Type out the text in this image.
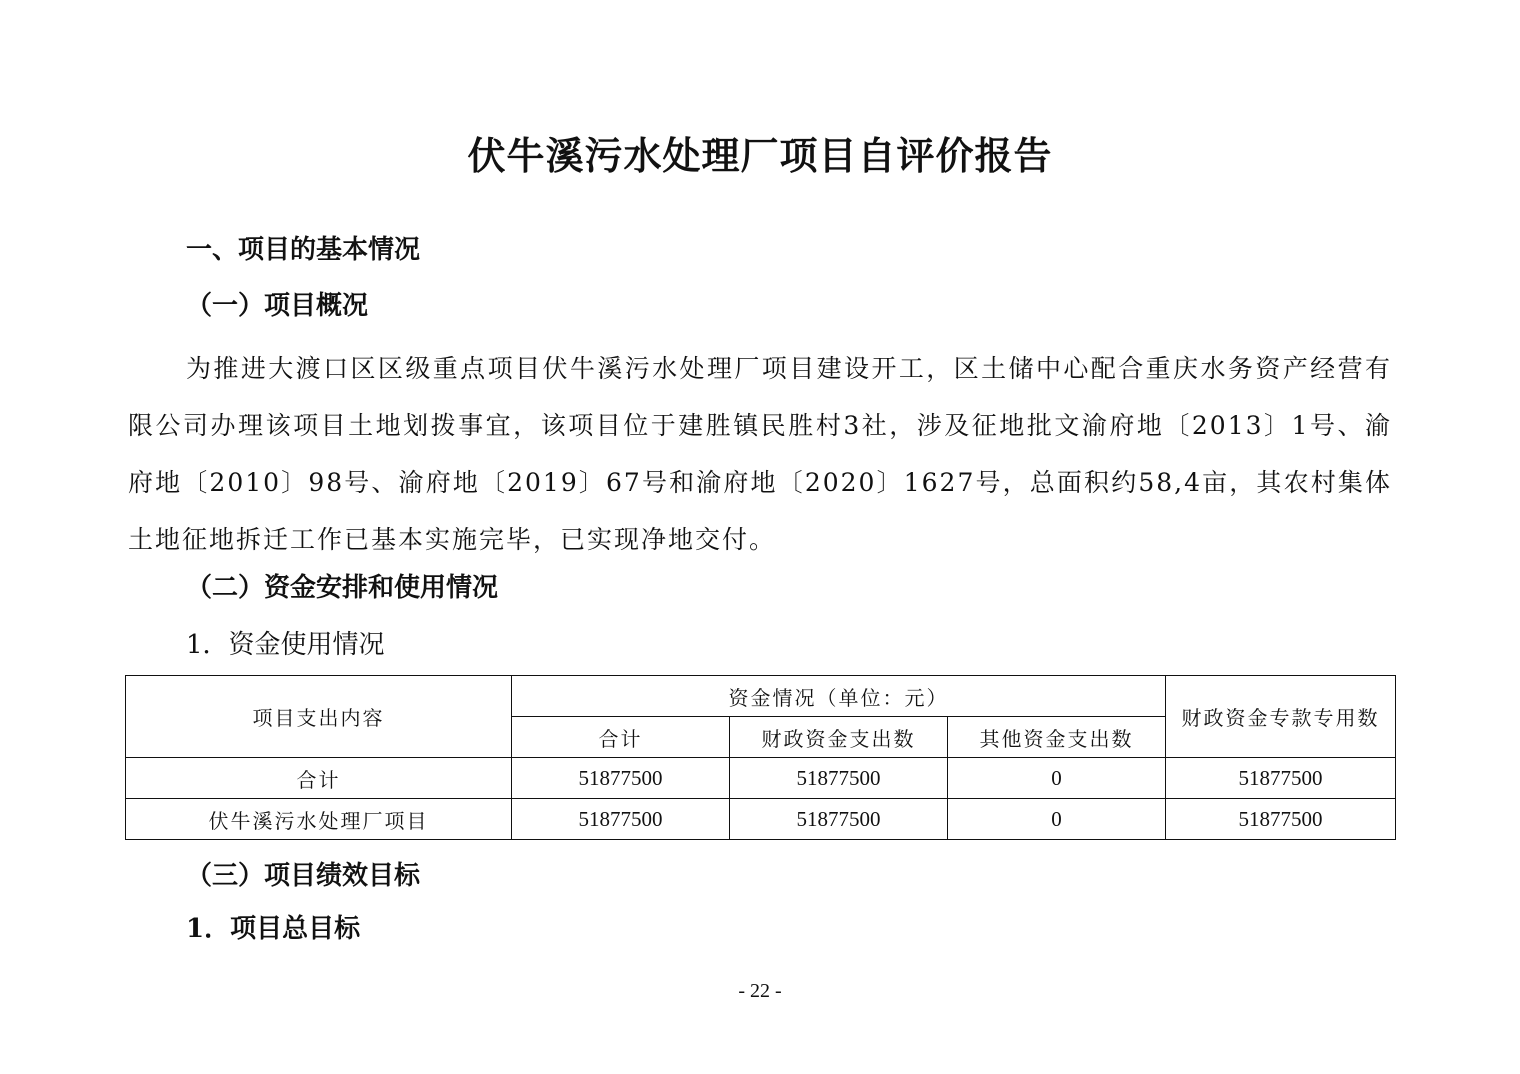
伏牛溪污水处理厂项目自评价报告
一、项目的基本情况
（一）项目概况

为推进大渡口区区级重点项目伏牛溪污水处理厂项目建设开工，区土储中心配合重庆水务资产经营有限公司办理该项目土地划拨事宜，该项目位于建胜镇民胜村3社，涉及征地批文渝府地〔2013〕1号、渝府地〔2010〕98号、渝府地〔2019〕67号和渝府地〔2020〕1627号，总面积约58,4亩，其农村集体土地征地拆迁工作已基本实施完毕，已实现净地交付。

（二）资金安排和使用情况
1．资金使用情况
项目支出内容	资金情况（单位：元）			财政资金专款专用数
	合计	财政资金支出数	其他资金支出数	
合计	51877500	51877500	0	51877500
伏牛溪污水处理厂项目	51877500	51877500	0	51877500
（三）项目绩效目标
1．项目总目标
- 22 -
